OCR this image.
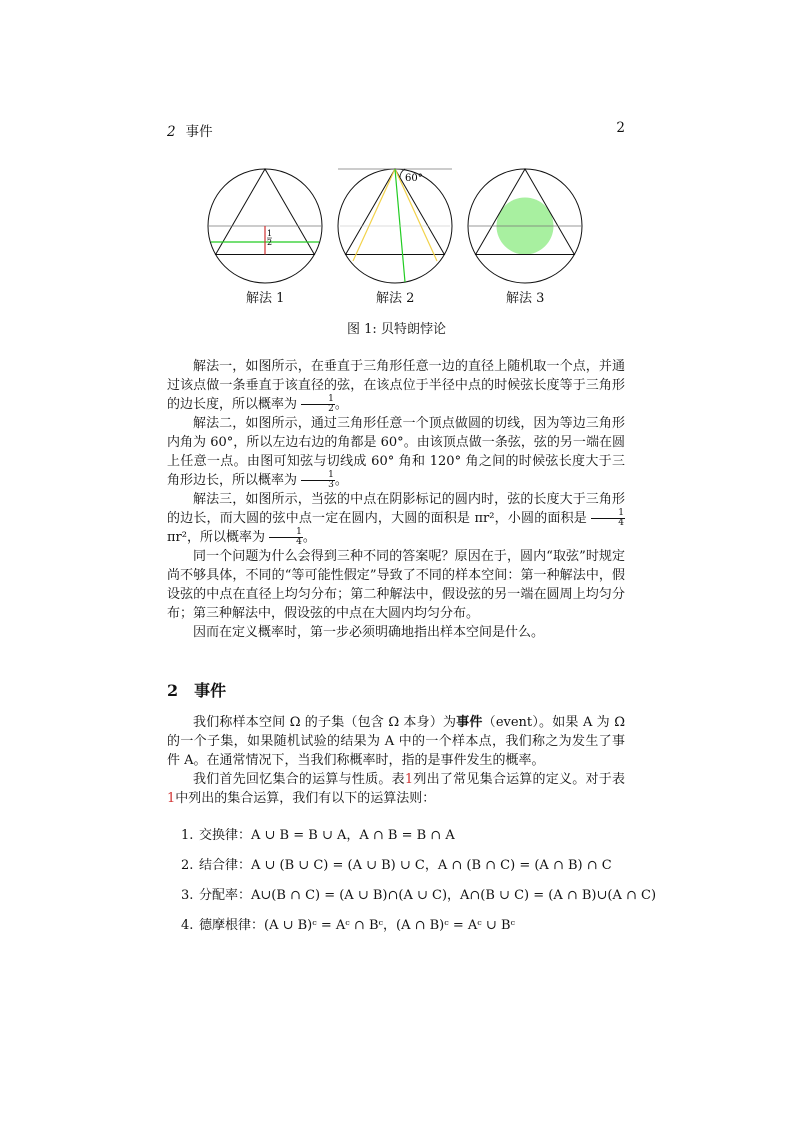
2 事件	2
1
2
60°
解法 1	解法 2	解法 3
图 1: 贝特朗悖论

解法一，如图所示，在垂直于三角形任意一边的直径上随机取一个点，并通过该点做一条垂直于该直径的弦，在该点位于半径中点的时候弦长度等于三角形的边长度，所以概率为 $\frac{1}{2}$ 。

解法二，如图所示，通过三角形任意一个顶点做圆的切线，因为等边三角形内角为 60°，所以左边右边的角都是 60°。由该顶点做一条弦，弦的另一端在圆上任意一点。由图可知弦与切线成 60° 角和 120° 角之间的时候弦长度大于三角形边长，所以概率为 $\frac{1}{3}$ 。

解法三，如图所示，当弦的中点在阴影标记的圆内时，弦的长度大于三角形的边长，而大圆的弦中点一定在圆内，大圆的面积是 πr²，小圆的面积是 $\frac{1}{4}$
πr²，所以概率为 $\frac{1}{4}$ 。

同一个问题为什么会得到三种不同的答案呢？原因在于，圆内“取弦”时规定尚不够具体，不同的“等可能性假定”导致了不同的样本空间：第一种解法中，假设弦的中点在直径上均匀分布；第二种解法中，假设弦的另一端在圆周上均匀分布；第三种解法中，假设弦的中点在大圆内均匀分布。

因而在定义概率时，第一步必须明确地指出样本空间是什么。

2 事件

我们称样本空间 Ω 的子集（包含 Ω 本身）为事件（event）。如果 A 为 Ω 的一个子集，如果随机试验的结果为 A 中的一个样本点，我们称之为发生了事件 A。在通常情况下，当我们称概率时，指的是事件发生的概率。

我们首先回忆集合的运算与性质。表1列出了常见集合运算的定义。对于表1中列出的集合运算，我们有以下的运算法则：

1. 交换律：A ∪ B = B ∪ A，A ∩ B = B ∩ A
2. 结合律：A ∪ (B ∪ C) = (A ∪ B) ∪ C，A ∩ (B ∩ C) = (A ∩ B) ∩ C
3. 分配率：A∪(B ∩ C) = (A ∪ B)∩(A ∪ C)，A∩(B ∪ C) = (A ∩ B)∪(A ∩ C)
4. 德摩根律：(A ∪ B)ᶜ = Aᶜ ∩ Bᶜ，(A ∩ B)ᶜ = Aᶜ ∪ Bᶜ
